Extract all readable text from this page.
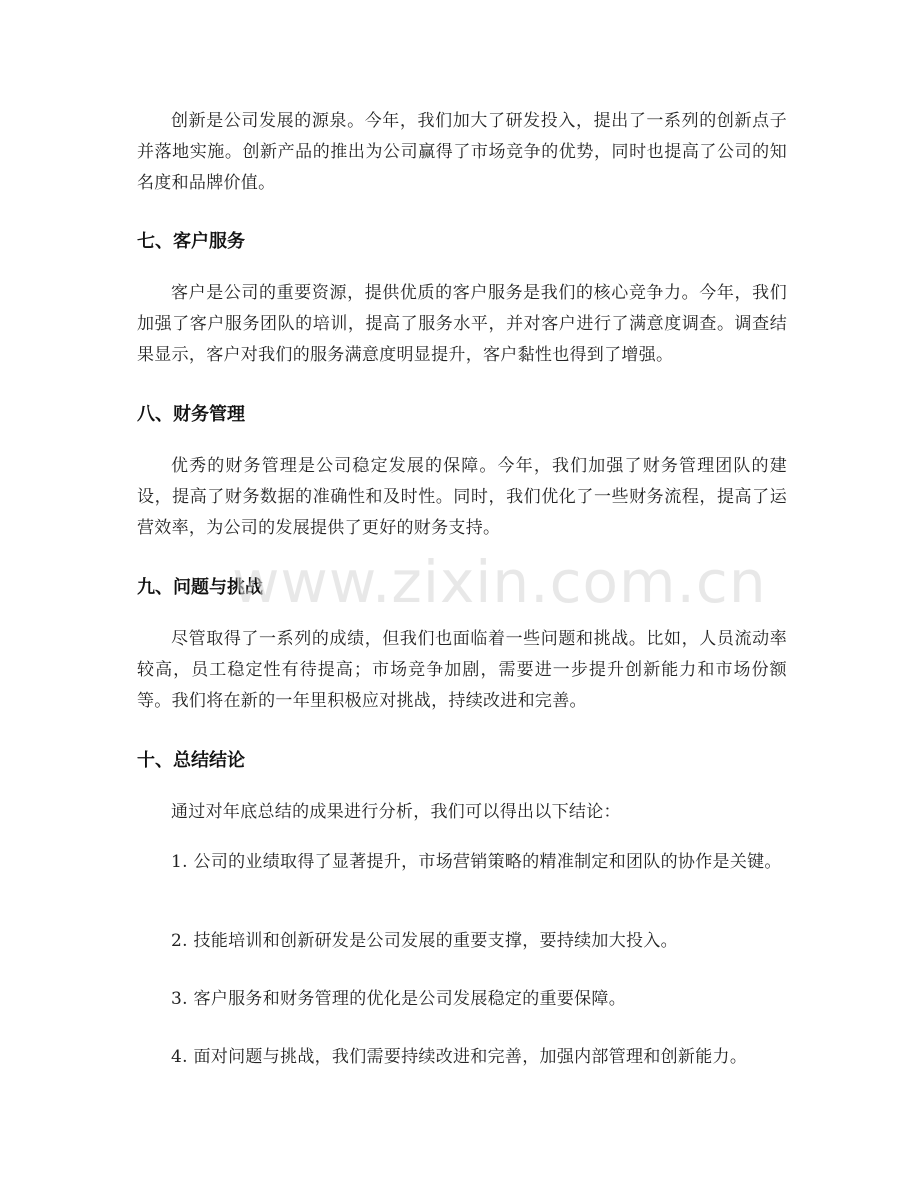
创新是公司发展的源泉。今年，我们加大了研发投入，提出了一系列的创新点子并落地实施。创新产品的推出为公司赢得了市场竞争的优势，同时也提高了公司的知名度和品牌价值。
七、客户服务
客户是公司的重要资源，提供优质的客户服务是我们的核心竞争力。今年，我们加强了客户服务团队的培训，提高了服务水平，并对客户进行了满意度调查。调查结果显示，客户对我们的服务满意度明显提升，客户黏性也得到了增强。
八、财务管理
优秀的财务管理是公司稳定发展的保障。今年，我们加强了财务管理团队的建设，提高了财务数据的准确性和及时性。同时，我们优化了一些财务流程，提高了运营效率，为公司的发展提供了更好的财务支持。
九、问题与挑战
尽管取得了一系列的成绩，但我们也面临着一些问题和挑战。比如，人员流动率较高，员工稳定性有待提高；市场竞争加剧，需要进一步提升创新能力和市场份额等。我们将在新的一年里积极应对挑战，持续改进和完善。
十、总结结论
通过对年底总结的成果进行分析，我们可以得出以下结论：
1. 公司的业绩取得了显著提升，市场营销策略的精准制定和团队的协作是关键。
2. 技能培训和创新研发是公司发展的重要支撑，要持续加大投入。
3. 客户服务和财务管理的优化是公司发展稳定的重要保障。
4. 面对问题与挑战，我们需要持续改进和完善，加强内部管理和创新能力。
www.zixin.com.cn
